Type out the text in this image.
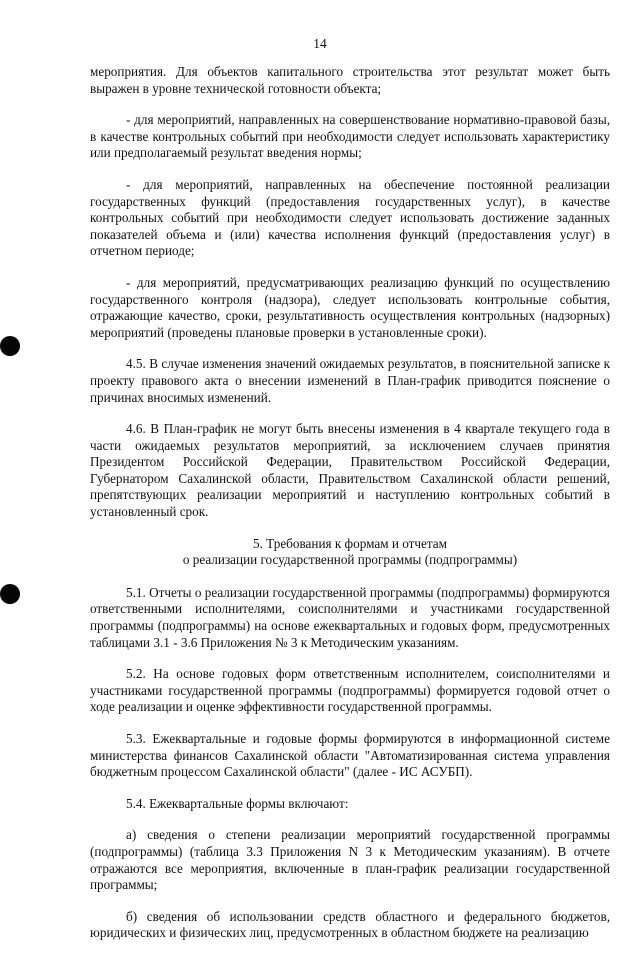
14

мероприятия. Для объектов капитального строительства этот результат может быть выражен в уровне технической готовности объекта;

- для мероприятий, направленных на совершенствование нормативно-правовой базы, в качестве контрольных событий при необходимости следует использовать характеристику или предполагаемый результат введения нормы;

- для мероприятий, направленных на обеспечение постоянной реализации государственных функций (предоставления государственных услуг), в качестве контрольных событий при необходимости следует использовать достижение заданных показателей объема и (или) качества исполнения функций (предоставления услуг) в отчетном периоде;

- для мероприятий, предусматривающих реализацию функций по осуществлению государственного контроля (надзора), следует использовать контрольные события, отражающие качество, сроки, результативность осуществления контрольных (надзорных) мероприятий (проведены плановые проверки в установленные сроки).

4.5. В случае изменения значений ожидаемых результатов, в пояснительной записке к проекту правового акта о внесении изменений в План-график приводится пояснение о причинах вносимых изменений.

4.6. В План-график не могут быть внесены изменения в 4 квартале текущего года в части ожидаемых результатов мероприятий, за исключением случаев принятия Президентом Российской Федерации, Правительством Российской Федерации, Губернатором Сахалинской области, Правительством Сахалинской области решений, препятствующих реализации мероприятий и наступлению контрольных событий в установленный срок.

5. Требования к формам и отчетам
о реализации государственной программы (подпрограммы)

5.1. Отчеты о реализации государственной программы (подпрограммы) формируются ответственными исполнителями, соисполнителями и участниками государственной программы (подпрограммы) на основе ежеквартальных и годовых форм, предусмотренных таблицами 3.1 - 3.6 Приложения № 3 к Методическим указаниям.

5.2. На основе годовых форм ответственным исполнителем, соисполнителями и участниками государственной программы (подпрограммы) формируется годовой отчет о ходе реализации и оценке эффективности государственной программы.

5.3. Ежеквартальные и годовые формы формируются в информационной системе министерства финансов Сахалинской области "Автоматизированная система управления бюджетным процессом Сахалинской области" (далее - ИС АСУБП).

5.4. Ежеквартальные формы включают:

а) сведения о степени реализации мероприятий государственной программы (подпрограммы) (таблица 3.3 Приложения N 3 к Методическим указаниям). В отчете отражаются все мероприятия, включенные в план-график реализации государственной программы;

б) сведения об использовании средств областного и федерального бюджетов, юридических и физических лиц, предусмотренных в областном бюджете на реализацию
